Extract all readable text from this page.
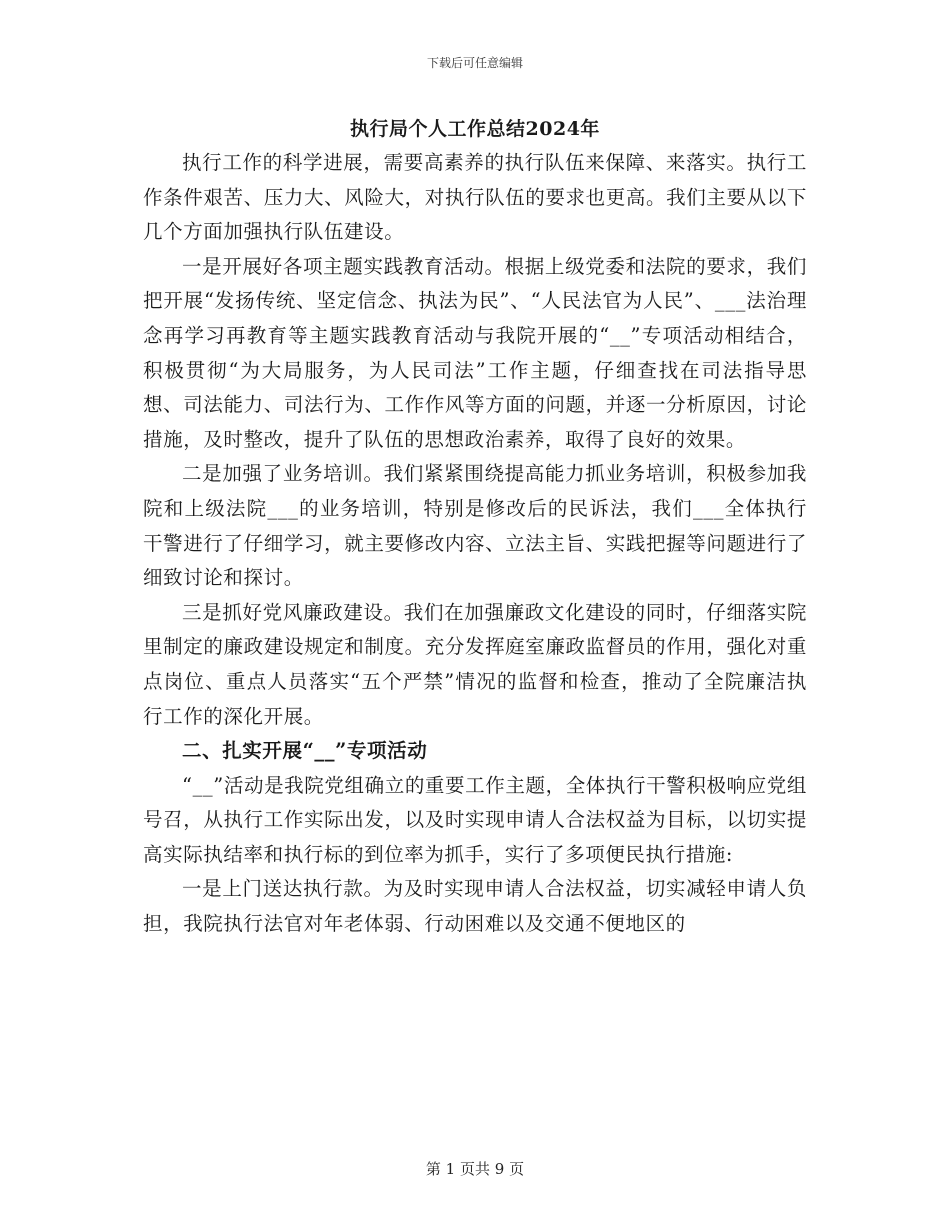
下载后可任意编辑
执行局个人工作总结2024年

执行工作的科学进展，需要高素养的执行队伍来保障、来落实。执行工作条件艰苦、压力大、风险大，对执行队伍的要求也更高。我们主要从以下几个方面加强执行队伍建设。

一是开展好各项主题实践教育活动。根据上级党委和法院的要求，我们把开展“发扬传统、坚定信念、执法为民”、“人民法官为人民”、___法治理念再学习再教育等主题实践教育活动与我院开展的“__”专项活动相结合，积极贯彻“为大局服务，为人民司法”工作主题，仔细查找在司法指导思想、司法能力、司法行为、工作作风等方面的问题，并逐一分析原因，讨论措施，及时整改，提升了队伍的思想政治素养，取得了良好的效果。

二是加强了业务培训。我们紧紧围绕提高能力抓业务培训，积极参加我院和上级法院___的业务培训，特别是修改后的民诉法，我们___全体执行干警进行了仔细学习，就主要修改内容、立法主旨、实践把握等问题进行了细致讨论和探讨。

三是抓好党风廉政建设。我们在加强廉政文化建设的同时，仔细落实院里制定的廉政建设规定和制度。充分发挥庭室廉政监督员的作用，强化对重点岗位、重点人员落实“五个严禁”情况的监督和检查，推动了全院廉洁执行工作的深化开展。

二、扎实开展“__”专项活动

“__”活动是我院党组确立的重要工作主题，全体执行干警积极响应党组号召，从执行工作实际出发，以及时实现申请人合法权益为目标，以切实提高实际执结率和执行标的到位率为抓手，实行了多项便民执行措施:

一是上门送达执行款。为及时实现申请人合法权益，切实减轻申请人负担，我院执行法官对年老体弱、行动困难以及交通不便地区的

第 1 页共 9 页
